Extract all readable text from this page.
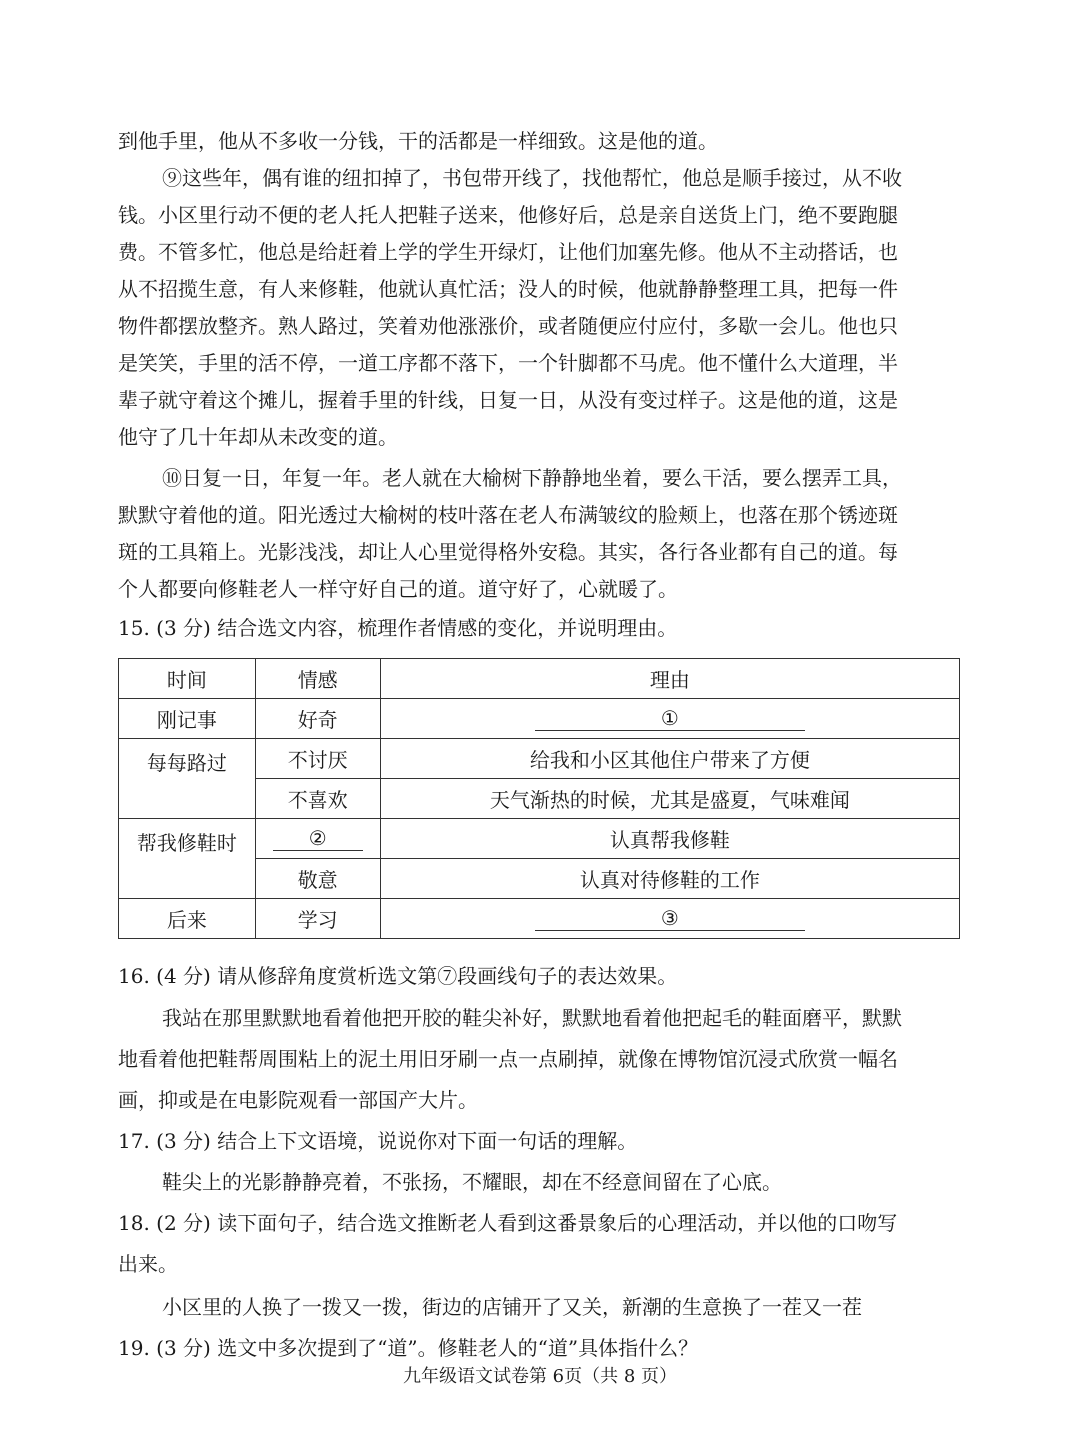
到他手里，他从不多收一分钱，干的活都是一样细致。这是他的道。
⑨这些年，偶有谁的纽扣掉了，书包带开线了，找他帮忙，他总是顺手接过，从不收
钱。小区里行动不便的老人托人把鞋子送来，他修好后，总是亲自送货上门，绝不要跑腿
费。不管多忙，他总是给赶着上学的学生开绿灯，让他们加塞先修。他从不主动搭话，也
从不招揽生意，有人来修鞋，他就认真忙活；没人的时候，他就静静整理工具，把每一件
物件都摆放整齐。熟人路过，笑着劝他涨涨价，或者随便应付应付，多歇一会儿。他也只
是笑笑，手里的活不停，一道工序都不落下，一个针脚都不马虎。他不懂什么大道理，半
辈子就守着这个摊儿，握着手里的针线，日复一日，从没有变过样子。这是他的道，这是
他守了几十年却从未改变的道。
⑩日复一日，年复一年。老人就在大榆树下静静地坐着，要么干活，要么摆弄工具，
默默守着他的道。阳光透过大榆树的枝叶落在老人布满皱纹的脸颊上，也落在那个锈迹斑
斑的工具箱上。光影浅浅，却让人心里觉得格外安稳。其实，各行各业都有自己的道。每
个人都要向修鞋老人一样守好自己的道。道守好了，心就暖了。
15. (3 分) 结合选文内容，梳理作者情感的变化，并说明理由。
时间	情感	理由
刚记事	好奇	①
每每路过	不讨厌	给我和小区其他住户带来了方便
	不喜欢	天气渐热的时候，尤其是盛夏，气味难闻
帮我修鞋时	②	认真帮我修鞋
	敬意	认真对待修鞋的工作
后来	学习	③
16. (4 分) 请从修辞角度赏析选文第⑦段画线句子的表达效果。
我站在那里默默地看着他把开胶的鞋尖补好，默默地看着他把起毛的鞋面磨平，默默
地看着他把鞋帮周围粘上的泥土用旧牙刷一点一点刷掉，就像在博物馆沉浸式欣赏一幅名
画，抑或是在电影院观看一部国产大片。
17. (3 分) 结合上下文语境，说说你对下面一句话的理解。
鞋尖上的光影静静亮着，不张扬，不耀眼，却在不经意间留在了心底。
18. (2 分) 读下面句子，结合选文推断老人看到这番景象后的心理活动，并以他的口吻写
出来。
小区里的人换了一拨又一拨，街边的店铺开了又关，新潮的生意换了一茬又一茬
19. (3 分) 选文中多次提到了“道”。修鞋老人的“道”具体指什么？
九年级语文试卷第 6页（共 8 页）
